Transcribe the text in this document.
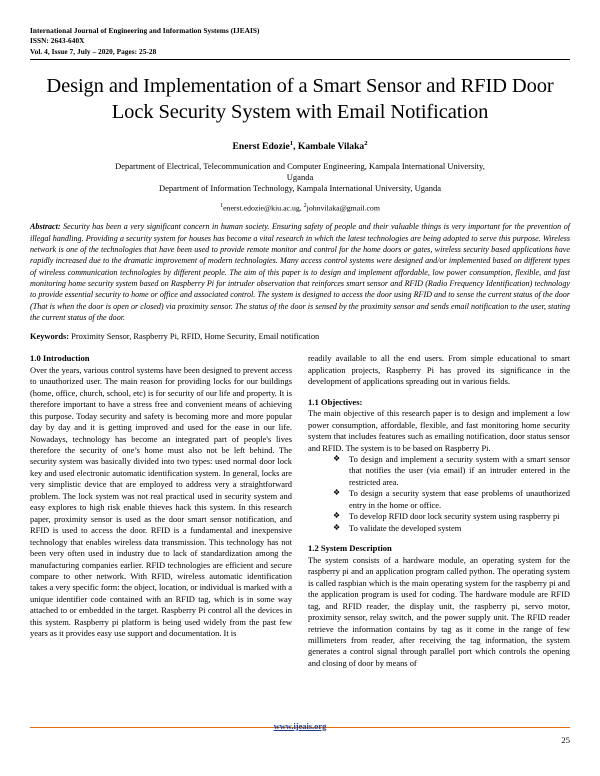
International Journal of Engineering and Information Systems (IJEAIS)
ISSN: 2643-640X
Vol. 4, Issue 7, July – 2020, Pages: 25-28
Design and Implementation of a Smart Sensor and RFID Door Lock Security System with Email Notification
Enerst Edozie$^1$, Kambale Vilaka$^2$
Department of Electrical, Telecommunication and Computer Engineering, Kampala International University,
Uganda
Department of Information Technology, Kampala International University, Uganda
$^1$enerst.edozie@kiu.ac.ug, $^2$johnvilaka@gmail.com
Abstract: Security has been a very significant concern in human society. Ensuring safety of people and their valuable things is very important for the prevention of illegal handling. Providing a security system for houses has become a vital research in which the latest technologies are being adopted to serve this purpose. Wireless network is one of the technologies that have been used to provide remote monitor and control for the home doors or gates, wireless security based applications have rapidly increased due to the dramatic improvement of modern technologies. Many access control systems were designed and/or implemented based on different types of wireless communication technologies by different people. The aim of this paper is to design and implement affordable, low power consumption, flexible, and fast monitoring home security system based on Raspberry Pi for intruder observation that reinforces smart sensor and RFID (Radio Frequency Identification) technology to provide essential security to home or office and associated control. The system is designed to access the door using RFID and to sense the current status of the door (That is when the door is open or closed) via proximity sensor. The status of the door is sensed by the proximity sensor and sends email notification to the user, stating the current status of the door.
Keywords: Proximity Sensor, Raspberry Pi, RFID, Home Security, Email notification

1.0 Introduction

Over the years, various control systems have been designed to prevent access to unauthorized user. The main reason for providing locks for our buildings (home, office, church, school, etc) is for security of our life and property. It is therefore important to have a stress free and convenient means of achieving this purpose. Today security and safety is becoming more and more popular day by day and it is getting improved and used for the ease in our life. Nowadays, technology has become an integrated part of people's lives therefore the security of one’s home must also not be left behind. The security system was basically divided into two types: used normal door lock key and used electronic automatic identification system. In general, locks are very simplistic device that are employed to address very a straightforward problem. The lock system was not real practical used in security system and easy explores to high risk enable thieves hack this system. In this research paper, proximity sensor is used as the door smart sensor notification, and RFID is used to access the door. RFID is a fundamental and inexpensive technology that enables wireless data transmission. This technology has not been very often used in industry due to lack of standardization among the manufacturing companies earlier. RFID technologies are efficient and secure compare to other network. With RFID, wireless automatic identification takes a very specific form: the object, location, or individual is marked with a unique identifier code contained with an RFID tag, which is in some way attached to or embedded in the target. Raspberry Pi control all the devices in this system. Raspberry pi platform is being used widely from the past few years as it provides easy use support and documentation. It is

readily available to all the end users. From simple educational to smart application projects, Raspberry Pi has proved its significance in the development of applications spreading out in various fields.

1.1 Objectives:

The main objective of this research paper is to design and implement a low power consumption, affordable, flexible, and fast monitoring home security system that includes features such as emailing notification, door status sensor and RFID. The system is to be based on Raspberry Pi.

❖	To design and implement a security system with a smart sensor that notifies the user (via email) if an intruder entered in the restricted area.
❖	To design a security system that ease problems of unauthorized entry in the home or office.
❖	To develop RFID door lock security system using raspberry pi
❖	To validate the developed system

1.2 System Description

The system consists of a hardware module, an operating system for the raspberry pi and an application program called python. The operating system is called raspbian which is the main operating system for the raspberry pi and the application program is used for coding. The hardware module are RFID tag, and RFID reader, the display unit, the raspberry pi, servo motor, proximity sensor, relay switch, and the power supply unit. The RFID reader retrieve the information contains by tag as it come in the range of few millimeters from reader, after receiving the tag information, the system generates a control signal through parallel port which controls the opening and closing of door by means of

www.ijeais.org
25
